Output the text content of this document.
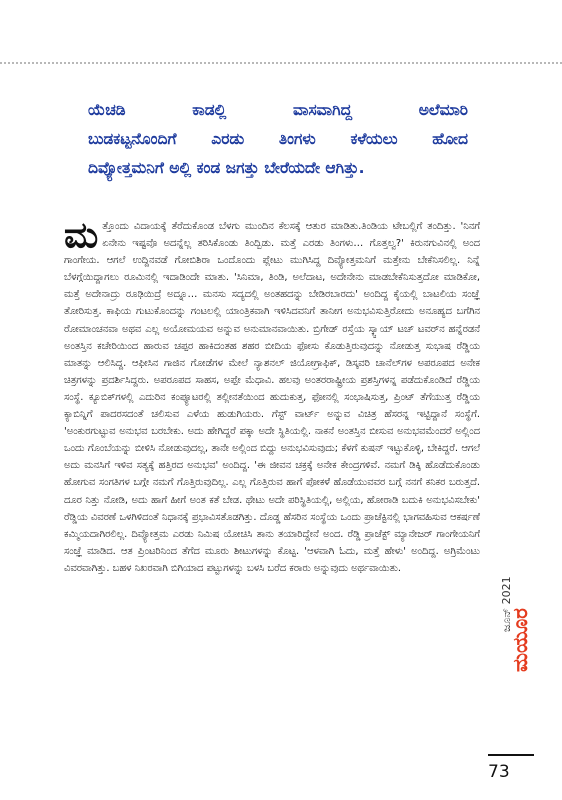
ಯೆಚಡಿ ಕಾಡಲ್ಲಿ ವಾಸವಾಗಿದ್ದ ಅಲೆಮಾರಿ
ಬುಡಕಟ್ಟನೊಂದಿಗೆ ಎರಡು ತಿಂಗಳು ಕಳೆಯಲು ಹೋದ
ದಿವ್ಯೋತ್ತಮನಿಗೆ ಅಲ್ಲಿ ಕಂಡ ಜಗತ್ತು ಬೇರೆಯದೇ ಆಗಿತ್ತು.
ಮತ್ತೊಂದು ವಿದಾಯಕ್ಕೆ ತೆರೆದುಕೊಂಡ ಬೆಳಗು ಮುಂದಿನ ಕೆಲಸಕ್ಕೆ ಆತುರ ಮಾಡಿತು.ತಿಂಡಿಯ ಟೇಬಲ್ಲಿಗೆ ತಂದಿತ್ತು. 'ನಿನಗೆ ಏನೇನು ಇಷ್ಟವೊ ಅದನ್ನೆಲ್ಲ ತರಿಸಿಕೊಂಡು ತಿಂದ್ಬಿಡು. ಮತ್ತೆ ಎರಡು ತಿಂಗಳು… ಗೊತ್ತಲ್ವ?' ಕಿರುನಗುವಿನಲ್ಲಿ ಅಂದ ಗಾಂಗೇಯ. ಆಗಲೆ ಉದ್ದಿನವಡೆ ಗೋಬಿಶಿರಾ ಒಂದೊಂದು ಪ್ಲೇಟು ಮುಗಿಸಿದ್ದ ದಿವ್ಯೋತ್ತಮನಿಗೆ ಮತ್ತೇನು ಬೇಕೆನಿಸಲಿಲ್ಲ. ನಿನ್ನೆ ಬೆಳಗ್ಗೆಯಿದ್ದಾಗಲು ರೂಮಿನಲ್ಲಿ ಇದಾಡಿಂದೇ ಮಾತು. 'ಸಿನಿಮಾ, ತಿಂಡಿ, ಅಲೆದಾಟ, ಅದೇನೇನು ಮಾಡಬೇಕೆನಿಸುತ್ತದೋ ಮಾಡಿಕೋ, ಮತ್ತೆ ಅದೇನಾದ್ರು ರೂಢಿಯಿದ್ರೆ ಅದ್ನೂ… ಮನಸು ಸದ್ಯದಲ್ಲಿ ಅಂತಹದನ್ನು ಬೇಡಿರಬಾರದು' ಅಂದಿದ್ದ ಕೈಯಲ್ಲಿ ಬಾಟಲಿಯ ಸಂಜ್ಞೆ ತೋರಿಸುತ್ತ. ಕಾಫಿಯ ಗುಟುಕೊಂದನ್ನು ಗಂಟಲಲ್ಲಿ ಯಾಂತ್ರಿಕವಾಗಿ ಇಳಿಸಿದವನಿಗೆ ತಾನೀಗ ಅನುಭವಿಸುತ್ತಿರೋದು ಅನೂಹ್ಯದ ಬಗೆಗಿನ ರೋಮಾಂಚನವಾ ಅಥವ ಎಲ್ಲ ಅಯೋಮಯವ ಅನ್ನುವ ಅನುಮಾನವಾಯಿತು. ಬ್ರಿಗೇಡ್ ರಸ್ತೆಯ ಸ್ಕ್ವಾಯ್ ಟಚ್ ಟವರ್‌ನ ಹನ್ನೆರಡನೆ ಅಂತಸ್ತಿನ ಕಚೇರಿಯಿಂದ ಹಾರುವ ಚಪ್ಪರ ಹಾಕಿದಂತಹ ಶಹರ ಬೀದಿಯ ಫೋಸು ಕೊಡುತ್ತಿರುವುದನ್ನು ನೋಡುತ್ತ ಸುಭಾಷ ರೆಡ್ಡಿಯ ಮಾತನ್ನು ಆಲಿಸಿದ್ದ. ಆಫೀಸಿನ ಗಾಜಿನ ಗೋಡೆಗಳ ಮೇಲೆ ನ್ಯಾಶನಲ್ ಜಿಯೋಗ್ರಾಫಿಕ್, ಡಿಸ್ಕವರಿ ಚಾನೆಲ್‌ಗಳ ಅಪರೂಪದ ಅನೇಕ ಚಿತ್ರಗಳನ್ನು ಪ್ರದರ್ಶಿಸಿದ್ದರು. ಅಪರೂಪದ ಸಾಹಸ, ಅಪ್ಪೇ ಮೆಧಾವಿ. ಹಲವು ಅಂತರರಾಷ್ಟ್ರೀಯ ಪ್ರಶಸ್ತಿಗಳನ್ನ ಪಡೆದುಕೊಂಡಿದೆ ರೆಡ್ಡಿಯ ಸಂಸ್ಥೆ. ಕ್ಯೂಬಿಕ್‌ಗಳಲ್ಲಿ ಎದುರಿನ ಕಂಪ್ಯೂಟರಲ್ಲಿ ತಲ್ಲೀನತೆಯಿಂದ ಹುದುಕುತ್ತ, ಫೋನಲ್ಲಿ ಸಂಭಾಷಿಸುತ್ತ, ಪ್ರಿಂಟ್ ತೆಗೆಯುತ್ತ ರೆಡ್ಡಿಯ ಕ್ಯಾಬಿನ್ನಿಗೆ ಪಾದರಸದಂತೆ ಚಲಿಸುವ ಎಳೆಯ ಹುಡುಗಿಯರು. ಗೆಸ್ಟ್ ವಾರ್ಟ್ ಅನ್ನುವ ವಿಚಿತ್ರ ಹೆಸರನ್ನ ಇಟ್ಟಿದ್ದಾನೆ ಸಂಸ್ಥೆಗೆ. 'ಅಂಕುರಗುಟ್ಟುವ ಅನುಭವ ಬರಬೇಕು. ಅದು ಹೇಗಿದ್ದರೆ ಪಕ್ಕಾ ಅದೇ ಸ್ಥಿತಿಯಲ್ಲಿ. ನಾಕನೆ ಅಂತಸ್ತಿನ ಬೀಸುವ ಅನುಭವಮೆಂದರೆ ಅಲ್ಲಿಂದ ಒಂದು ಗೊಂಬೆಯನ್ನು ಬೀಳಿಸಿ ನೋಡುವುದಲ್ಲ, ತಾನೇ ಅಲ್ಲಿಂದ ಬಿದ್ದು ಅನುಭವಿಸುವುದು; ಕೆಳಗೆ ಕುಷನ್ ಇಟ್ಟುಕೊಳ್ಳಿ, ಬೇಕಿದ್ದರೆ. ಆಗಲೆ ಅದು ಮನಸಿಗೆ ಇಳಿವ ಸತ್ಯಕ್ಕೆ ಹತ್ತಿರದ ಅನುಭವ' ಅಂದಿದ್ದ. 'ಈ ಜೀವನ ಚಕ್ರಕ್ಕೆ ಅನೇಕ ಕೇಂದ್ರಗಳಿವೆ. ನಮಗೆ ಡಿಕ್ಕಿ ಹೊಡೆದುಕೊಂಡು ಹೋಗುವ ಸಂಗತಿಗಳ ಬಗ್ಗೇ ನಮಗೆ ಗೊತ್ತಿರುವುದಿಲ್ಲ. ಎಲ್ಲ ಗೊತ್ತಿರುವ ಹಾಗೆ ಪೋಕಳೆ ಹೊಡೆಯುವವರ ಬಗ್ಗೆ ನನಗೆ ಕನಿಕರ ಬರುತ್ತದೆ. ದೂರ ನಿತ್ತು ನೋಡಿ, ಅದು ಹಾಗೆ ಹೀಗೆ ಅಂತ ಕತೆ ಬೇಡ. ಥೇಟು ಅದೇ ಪರಿಸ್ಥಿತಿಯಲ್ಲಿ, ಅಲ್ಲಿಯ, ಹೋರಾಡಿ ಬದುಕಿ ಅನುಭವಿಸಬೇಕು' ರೆಡ್ಡಿಯ ವಿವರಣೆ ಒಳಗಿಳಿದಂತೆ ನಿಧಾನಕ್ಕೆ ಪ್ರಭಾವಿಸತೊಡಗಿತ್ತು. ದೊಡ್ಡ ಹೆಸರಿನ ಸಂಸ್ಥೆಯ ಒಂದು ಪ್ರಾಜೆಕ್ಟಿನಲ್ಲಿ ಭಾಗವಹಿಸುವ ಆಕರ್ಷಣೆ ಕಮ್ಮಿಯದಾಗಿರಲಿಲ್ಲ. ದಿವ್ಯೋತ್ತಮ ಎರಡು ನಿಮಿಷ ಯೋಚಿಸಿ ತಾನು ತಯಾರಿದ್ದೇನೆ ಅಂದ. ರೆಡ್ಡಿ ಪ್ರಾಜೆಕ್ಟ್ ಮ್ಯಾನೇಜರ್ ಗಾಂಗೇಯನಿಗೆ ಸಂಜ್ಞೆ ಮಾಡಿದ. ಆತ ಪ್ರಿಂಟರಿನಿಂದ ತೆಗೆದ ಮೂರು ಶೀಟುಗಳನ್ನು ಕೊಟ್ಟ. 'ಆಳವಾಗಿ ಓದು, ಮತ್ತೆ ಹೇಳು' ಅಂದಿದ್ದ. ಅಗ್ರಿಮೆಂಟು ವಿವರವಾಗಿತ್ತು. ಬಹಳ ನಿಖರವಾಗಿ ಬಿಗಿಯಾದ ಪಟ್ಟುಗಳನ್ನು ಬಳಸಿ ಬರೆದ ಕರಾರು ಅನ್ನುವುದು ಅರ್ಥವಾಯಿತು.
ಜೂನ್ 2021
ಮಯೂರ
73
